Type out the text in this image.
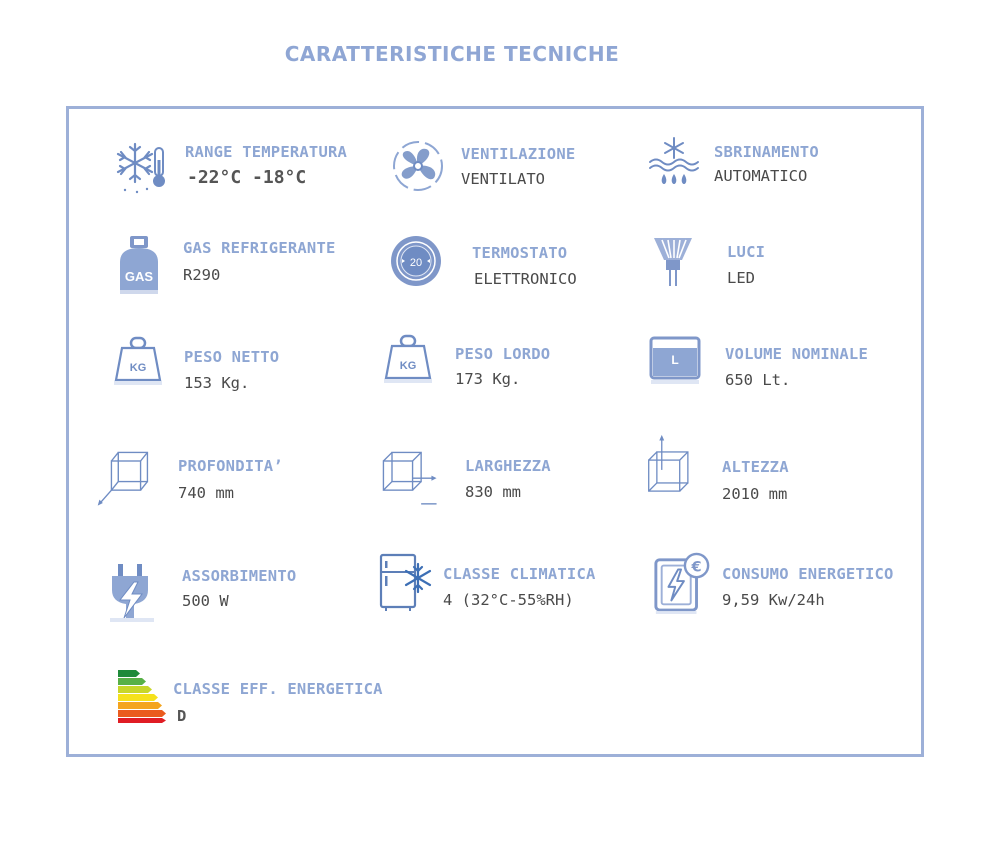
CARATTERISTICHE TECNICHE
RANGE TEMPERATURA
-22°C -18°C
VENTILAZIONE
VENTILATO
SBRINAMENTO
AUTOMATICO
GAS
GAS REFRIGERANTE
R290
20
TERMOSTATO
ELETTRONICO
LUCI
LED
KG
PESO NETTO
153 Kg.
KG
PESO LORDO
173 Kg.
L	VOLUME NOMINALE
650 Lt.
PROFONDITA’
740 mm
LARGHEZZA
830 mm
ALTEZZA
2010 mm
ASSORBIMENTO
500 W
CLASSE CLIMATICA
4 (32°C-55%RH)
€ CONSUMO ENERGETICO
9,59 Kw/24h
CLASSE EFF. ENERGETICA
D
